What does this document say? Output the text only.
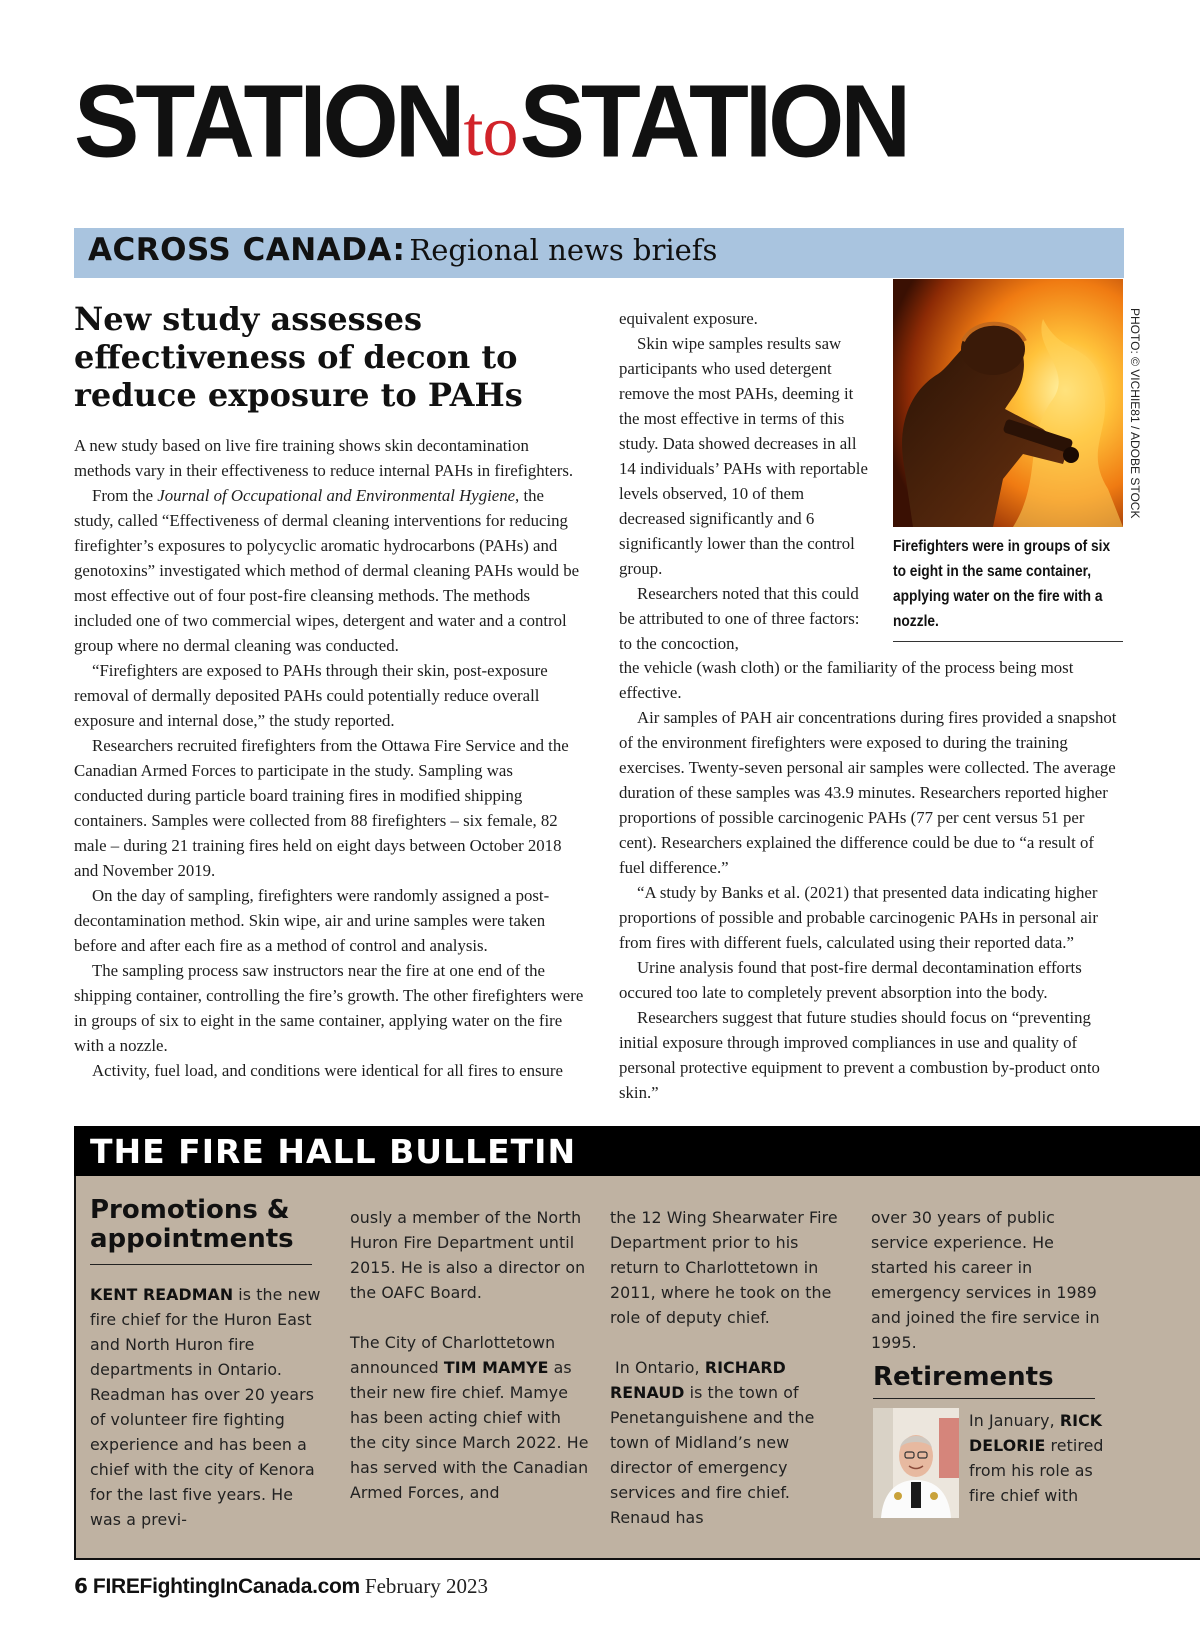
STATIONtoSTATION
ACROSS CANADA: Regional news briefs
New study assesses effectiveness of decon to reduce exposure to PAHs

A new study based on live fire training shows skin decontamination methods vary in their effectiveness to reduce internal PAHs in firefighters.

From the Journal of Occupational and Environmental Hygiene, the study, called “Effectiveness of dermal cleaning interventions for reducing firefighter’s exposures to polycyclic aromatic hydrocarbons (PAHs) and genotoxins” investigated which method of dermal cleaning PAHs would be most effective out of four post-fire cleansing methods. The methods included one of two commercial wipes, detergent and water and a control group where no dermal cleaning was conducted.

“Firefighters are exposed to PAHs through their skin, post-exposure removal of dermally deposited PAHs could potentially reduce overall exposure and internal dose,” the study reported.

Researchers recruited firefighters from the Ottawa Fire Service and the Canadian Armed Forces to participate in the study. Sampling was conducted during particle board training fires in modified shipping containers. Samples were collected from 88 firefighters – six female, 82 male – during 21 training fires held on eight days between October 2018 and November 2019.

On the day of sampling, firefighters were randomly assigned a post-decontamination method. Skin wipe, air and urine samples were taken before and after each fire as a method of control and analysis.

The sampling process saw instructors near the fire at one end of the shipping container, controlling the fire’s growth. The other firefighters were in groups of six to eight in the same container, applying water on the fire with a nozzle.

Activity, fuel load, and conditions were identical for all fires to ensure

equivalent exposure.

Skin wipe samples results saw participants who used detergent remove the most PAHs, deeming it the most effective in terms of this study. Data showed decreases in all 14 individuals’ PAHs with reportable levels observed, 10 of them decreased significantly and 6 significantly lower than the control group.

Researchers noted that this could be attributed to one of three factors: to the concoction,

PHOTO: © VICHIE81 / ADOBE STOCK
Firefighters were in groups of six to eight in the same container, applying water on the fire with a nozzle.

the vehicle (wash cloth) or the familiarity of the process being most effective.

Air samples of PAH air concentrations during fires provided a snapshot of the environment firefighters were exposed to during the training exercises. Twenty-seven personal air samples were collected. The average duration of these samples was 43.9 minutes. Researchers reported higher proportions of possible carcinogenic PAHs (77 per cent versus 51 per cent). Researchers explained the difference could be due to “a result of fuel difference.”

“A study by Banks et al. (2021) that presented data indicating higher proportions of possible and probable carcinogenic PAHs in personal air from fires with different fuels, calculated using their reported data.”

Urine analysis found that post-fire dermal decontamination efforts occured too late to completely prevent absorption into the body.

Researchers suggest that future studies should focus on “preventing initial exposure through improved compliances in use and quality of personal protective equipment to prevent a combustion by-product onto skin.”

THE FIRE HALL BULLETIN
Promotions & appointments

KENT READMAN is the new fire chief for the Huron East and North Huron fire departments in Ontario. Readman has over 20 years of volunteer fire fighting experience and has been a chief with the city of Kenora for the last five years. He was a previ-

ously a member of the North Huron Fire Department until 2015. He is also a director on the OAFC Board.

The City of Charlottetown announced TIM MAMYE as their new fire chief. Mamye has been acting chief with the city since March 2022. He has served with the Canadian Armed Forces, and

the 12 Wing Shearwater Fire Department prior to his return to Charlottetown in 2011, where he took on the role of deputy chief.

In Ontario, RICHARD RENAUD is the town of Penetanguishene and the town of Midland’s new director of emergency services and fire chief. Renaud has

over 30 years of public service experience. He started his career in emergency services in 1989 and joined the fire service in 1995.

Retirements

In January, RICK DELORIE retired from his role as fire chief with

6 FIREFightingInCanada.com February 2023
